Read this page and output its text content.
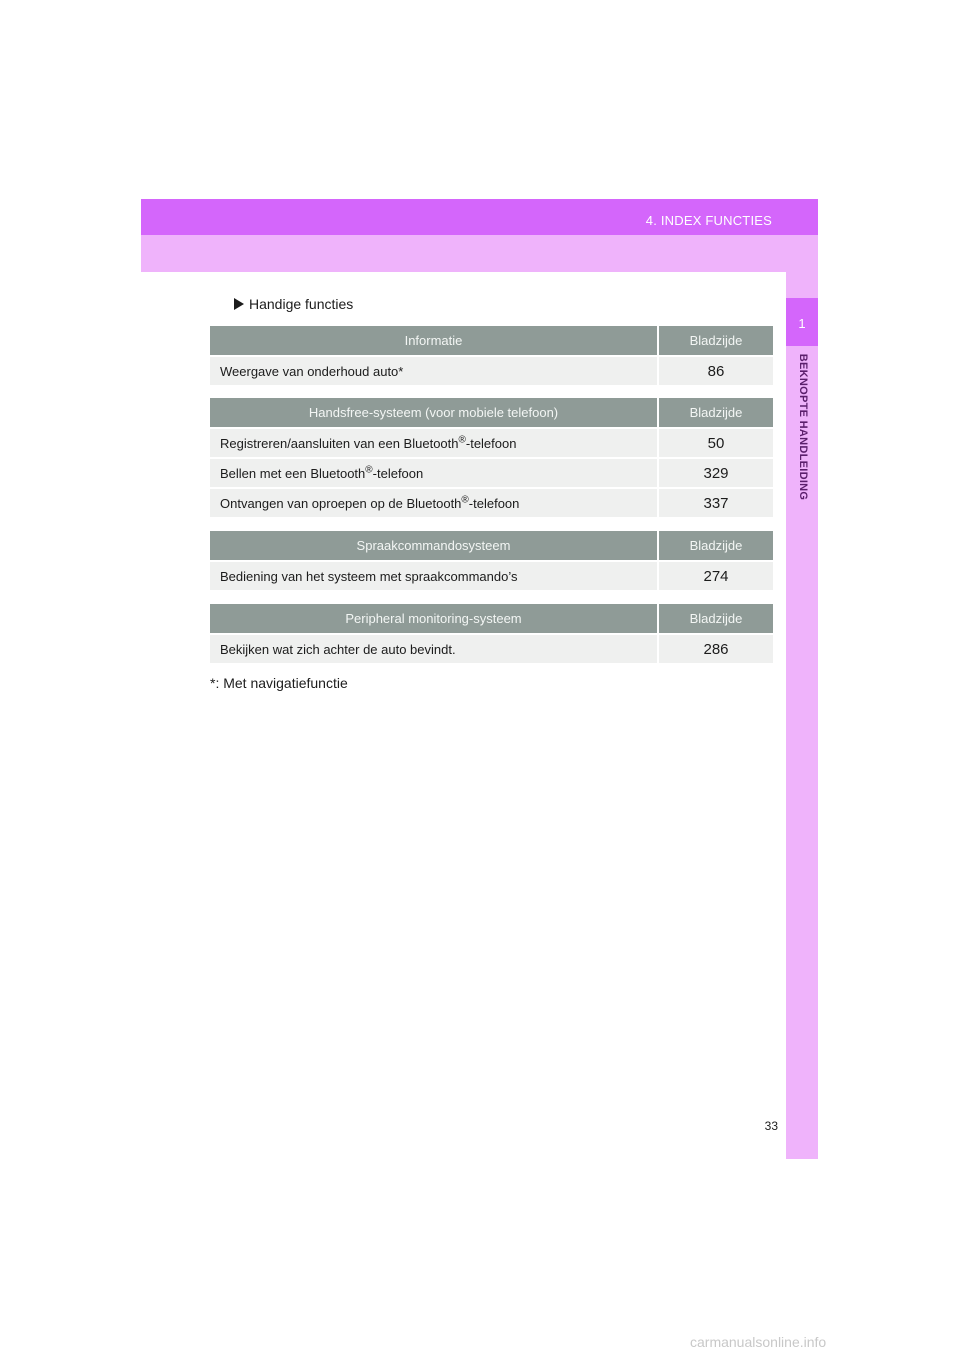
4. INDEX FUNCTIES
1
BEKNOPTE HANDLEIDING
Handige functies
Informatie	Bladzijde
Weergave van onderhoud auto*	86
Handsfree-systeem (voor mobiele telefoon)	Bladzijde
Registreren/aansluiten van een Bluetooth®-telefoon	50
Bellen met een Bluetooth®-telefoon	329
Ontvangen van oproepen op de Bluetooth®-telefoon	337
Spraakcommandosysteem	Bladzijde
Bediening van het systeem met spraakcommando’s	274
Peripheral monitoring-systeem	Bladzijde
Bekijken wat zich achter de auto bevindt.	286
*: Met navigatiefunctie
33
carmanualsonline.info
